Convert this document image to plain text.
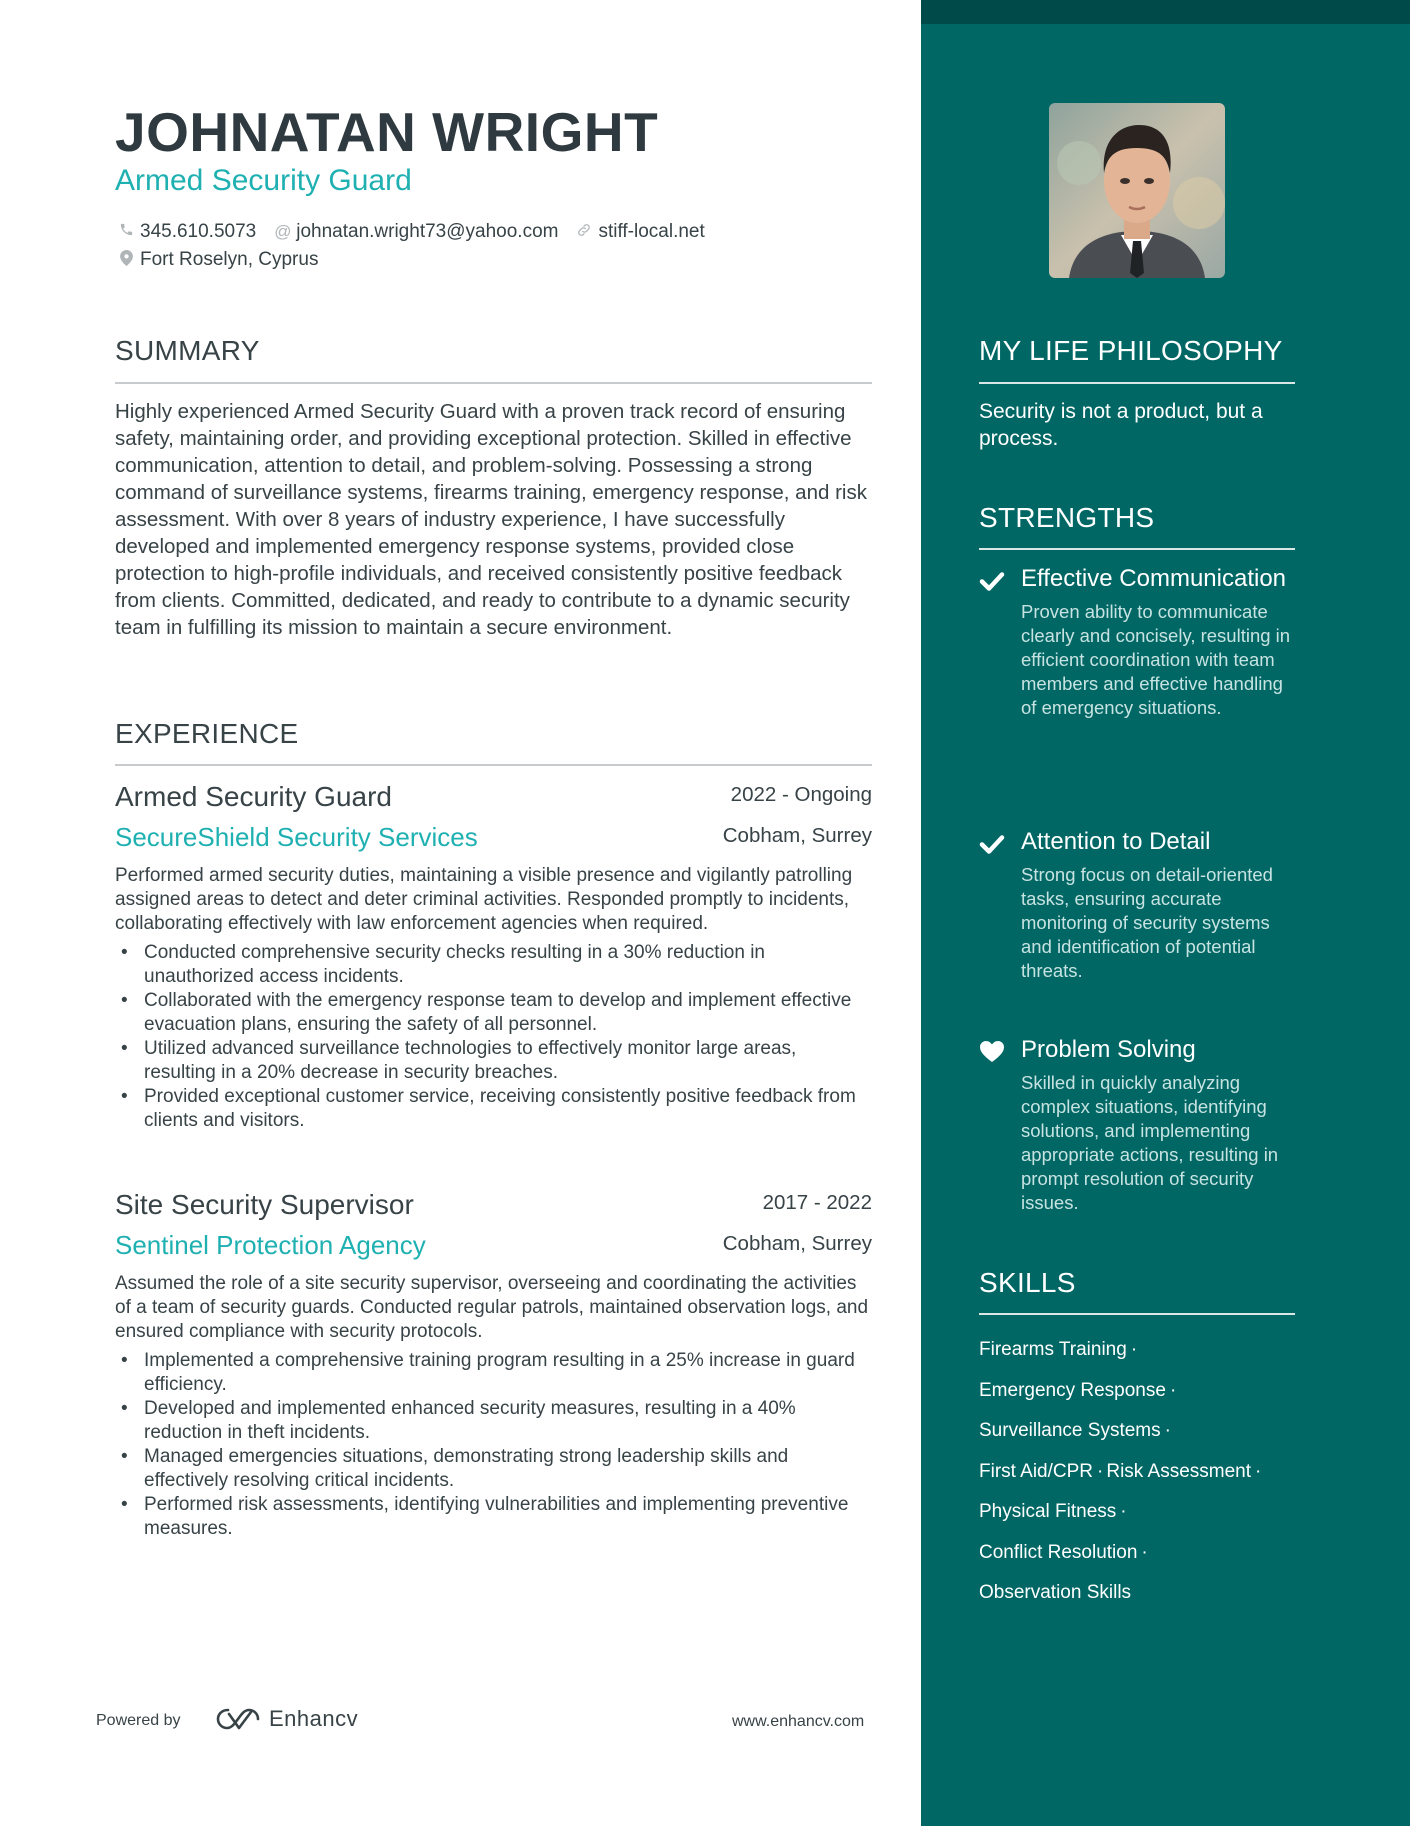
JOHNATAN WRIGHT
Armed Security Guard
345.610.5073 @ johnatan.wright73@yahoo.com stiff-local.net
Fort Roselyn, Cyprus
SUMMARY
Highly experienced Armed Security Guard with a proven track record of ensuring safety, maintaining order, and providing exceptional protection. Skilled in effective communication, attention to detail, and problem-solving. Possessing a strong command of surveillance systems, firearms training, emergency response, and risk assessment. With over 8 years of industry experience, I have successfully developed and implemented emergency response systems, provided close protection to high-profile individuals, and received consistently positive feedback from clients. Committed, dedicated, and ready to contribute to a dynamic security team in fulfilling its mission to maintain a secure environment.
EXPERIENCE
Armed Security Guard	2022 - Ongoing
SecureShield Security Services	Cobham, Surrey
Performed armed security duties, maintaining a visible presence and vigilantly patrolling assigned areas to detect and deter criminal activities. Responded promptly to incidents, collaborating effectively with law enforcement agencies when required.
• Conducted comprehensive security checks resulting in a 30% reduction in unauthorized access incidents.
• Collaborated with the emergency response team to develop and implement effective evacuation plans, ensuring the safety of all personnel.
• Utilized advanced surveillance technologies to effectively monitor large areas, resulting in a 20% decrease in security breaches.
• Provided exceptional customer service, receiving consistently positive feedback from clients and visitors.
Site Security Supervisor	2017 - 2022
Sentinel Protection Agency	Cobham, Surrey
Assumed the role of a site security supervisor, overseeing and coordinating the activities of a team of security guards. Conducted regular patrols, maintained observation logs, and ensured compliance with security protocols.
• Implemented a comprehensive training program resulting in a 25% increase in guard efficiency.
• Developed and implemented enhanced security measures, resulting in a 40% reduction in theft incidents.
• Managed emergencies situations, demonstrating strong leadership skills and effectively resolving critical incidents.
• Performed risk assessments, identifying vulnerabilities and implementing preventive measures.
Powered by	Enhancv	www.enhancv.com
MY LIFE PHILOSOPHY
Security is not a product, but a process.
STRENGTHS
Effective Communication
Proven ability to communicate clearly and concisely, resulting in efficient coordination with team members and effective handling of emergency situations.
Attention to Detail
Strong focus on detail-oriented tasks, ensuring accurate monitoring of security systems and identification of potential threats.
Problem Solving
Skilled in quickly analyzing complex situations, identifying solutions, and implementing appropriate actions, resulting in prompt resolution of security issues.
SKILLS
Firearms Training ·
Emergency Response ·
Surveillance Systems ·
First Aid/CPR · Risk Assessment ·
Physical Fitness ·
Conflict Resolution ·
Observation Skills
